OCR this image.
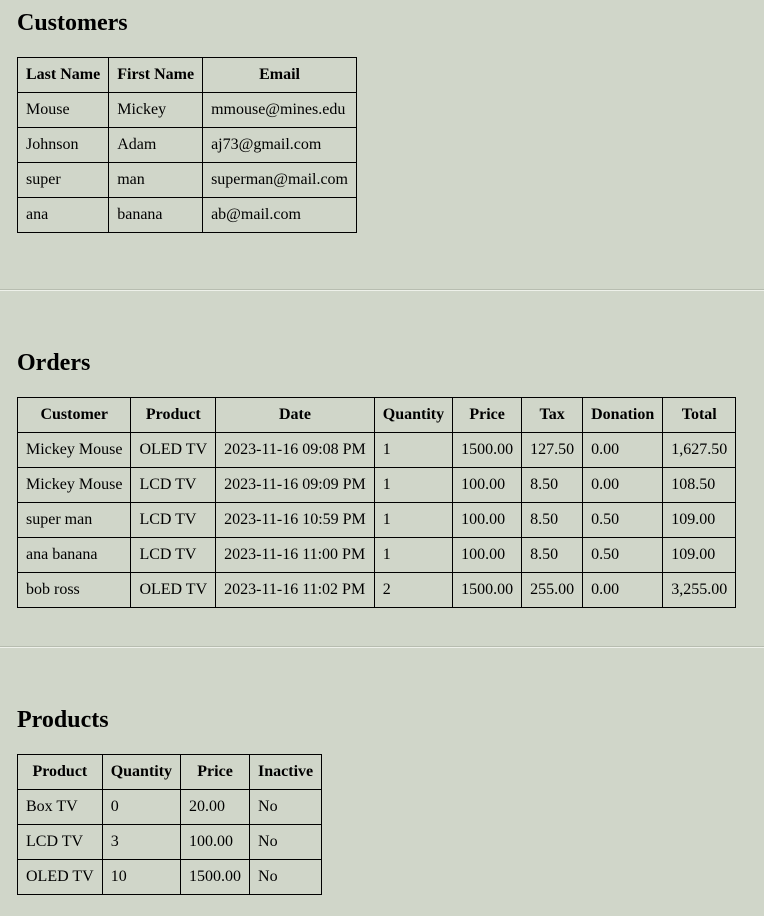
Customers
Last Name	First Name	Email
Mouse	Mickey	mmouse@mines.edu
Johnson	Adam	aj73@gmail.com
super	man	superman@mail.com
ana	banana	ab@mail.com
Orders
Customer	Product	Date	Quantity	Price	Tax	Donation	Total
Mickey Mouse	OLED TV	2023-11-16 09:08 PM	1	1500.00	127.50	0.00	1,627.50
Mickey Mouse	LCD TV	2023-11-16 09:09 PM	1	100.00	8.50	0.00	108.50
super man	LCD TV	2023-11-16 10:59 PM	1	100.00	8.50	0.50	109.00
ana banana	LCD TV	2023-11-16 11:00 PM	1	100.00	8.50	0.50	109.00
bob ross	OLED TV	2023-11-16 11:02 PM	2	1500.00	255.00	0.00	3,255.00
Products
Product	Quantity	Price	Inactive
Box TV	0	20.00	No
LCD TV	3	100.00	No
OLED TV	10	1500.00	No
